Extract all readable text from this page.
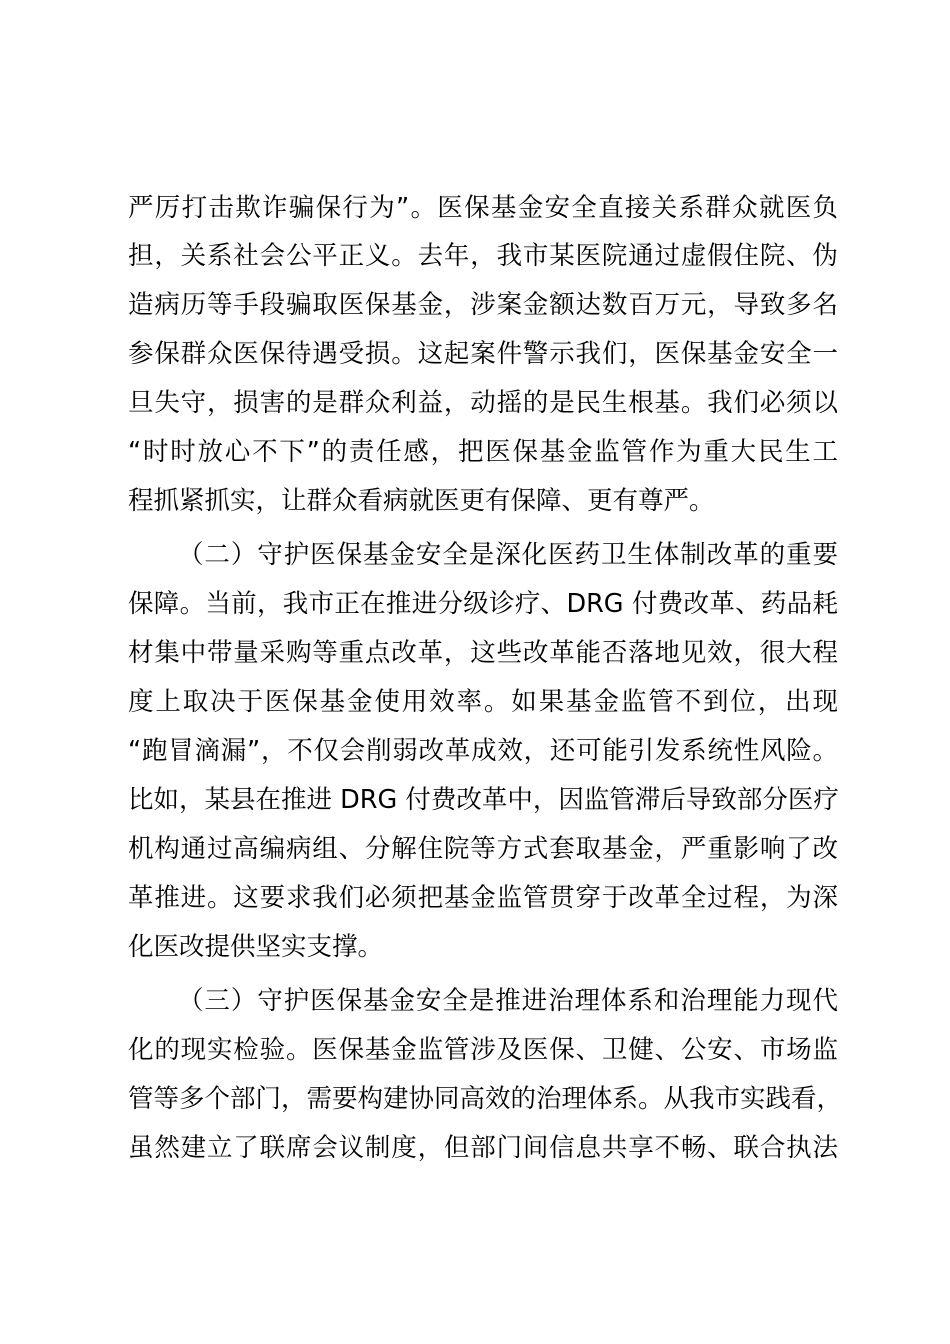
严厉打击欺诈骗保行为”。医保基金安全直接关系群众就医负
担，关系社会公平正义。去年，我市某医院通过虚假住院、伪
造病历等手段骗取医保基金，涉案金额达数百万元，导致多名
参保群众医保待遇受损。这起案件警示我们，医保基金安全一
旦失守，损害的是群众利益，动摇的是民生根基。我们必须以
“时时放心不下”的责任感，把医保基金监管作为重大民生工
程抓紧抓实，让群众看病就医更有保障、更有尊严。
（二）守护医保基金安全是深化医药卫生体制改革的重要
保障。当前，我市正在推进分级诊疗、DRG 付费改革、药品耗
材集中带量采购等重点改革，这些改革能否落地见效，很大程
度上取决于医保基金使用效率。如果基金监管不到位，出现
“跑冒滴漏”，不仅会削弱改革成效，还可能引发系统性风险。
比如，某县在推进 DRG 付费改革中，因监管滞后导致部分医疗
机构通过高编病组、分解住院等方式套取基金，严重影响了改
革推进。这要求我们必须把基金监管贯穿于改革全过程，为深
化医改提供坚实支撑。
（三）守护医保基金安全是推进治理体系和治理能力现代
化的现实检验。医保基金监管涉及医保、卫健、公安、市场监
管等多个部门，需要构建协同高效的治理体系。从我市实践看，
虽然建立了联席会议制度，但部门间信息共享不畅、联合执法
